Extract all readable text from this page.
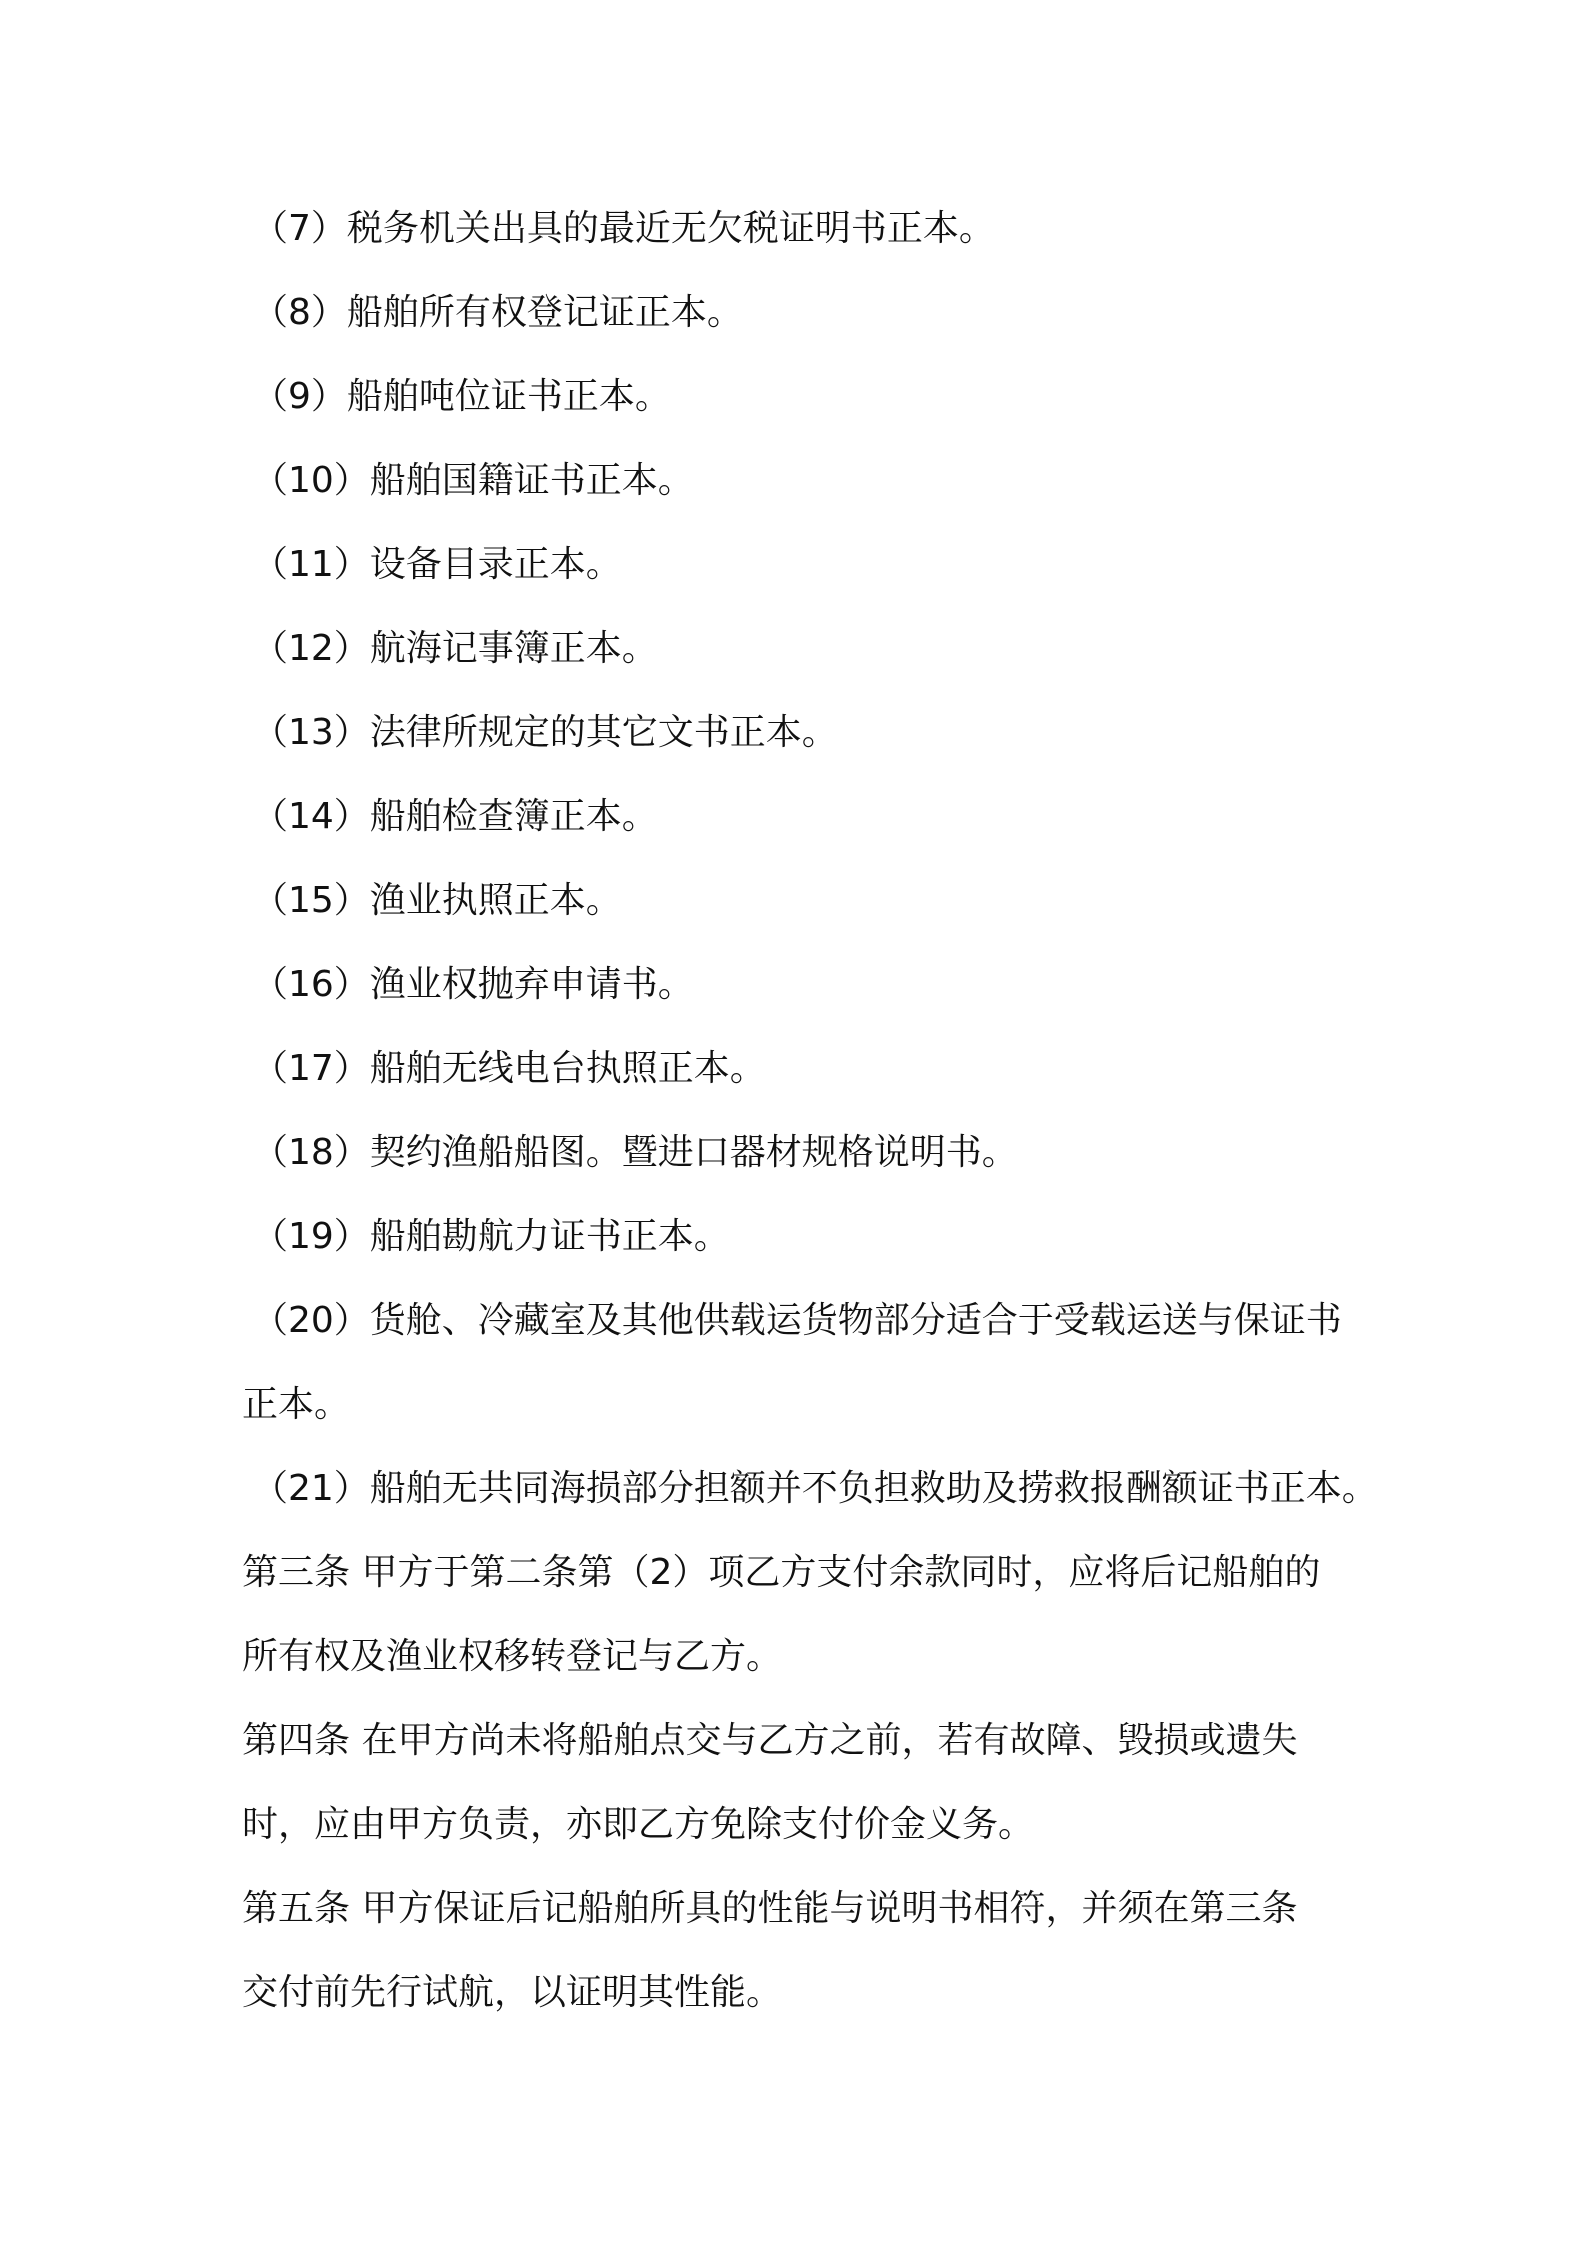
（7）税务机关出具的最近无欠税证明书正本。
（8）船舶所有权登记证正本。
（9）船舶吨位证书正本。
（10）船舶国籍证书正本。
（11）设备目录正本。
（12）航海记事簿正本。
（13）法律所规定的其它文书正本。
（14）船舶检查簿正本。
（15）渔业执照正本。
（16）渔业权抛弃申请书。
（17）船舶无线电台执照正本。
（18）契约渔船船图。暨进口器材规格说明书。
（19）船舶勘航力证书正本。
（20）货舱、冷藏室及其他供载运货物部分适合于受载运送与保证书
正本。
（21）船舶无共同海损部分担额并不负担救助及捞救报酬额证书正本。
第三条 甲方于第二条第（2）项乙方支付余款同时，应将后记船舶的
所有权及渔业权移转登记与乙方。
第四条 在甲方尚未将船舶点交与乙方之前，若有故障、毁损或遗失
时，应由甲方负责，亦即乙方免除支付价金义务。
第五条 甲方保证后记船舶所具的性能与说明书相符，并须在第三条
交付前先行试航，以证明其性能。
